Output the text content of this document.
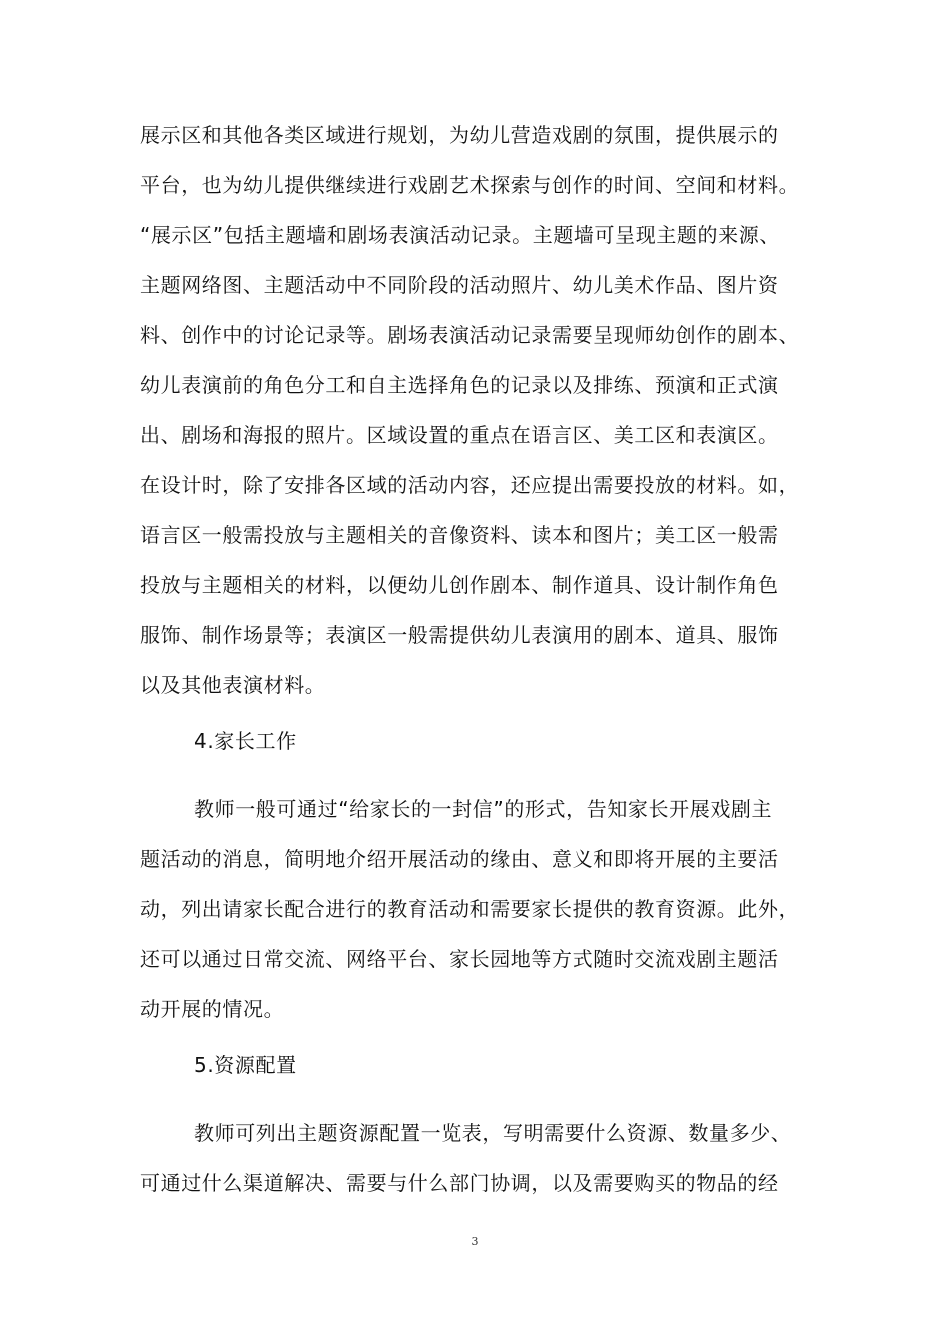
展示区和其他各类区域进行规划，为幼儿营造戏剧的氛围，提供展示的
平台，也为幼儿提供继续进行戏剧艺术探索与创作的时间、空间和材料。
“展示区”包括主题墙和剧场表演活动记录。主题墙可呈现主题的来源、
主题网络图、主题活动中不同阶段的活动照片、幼儿美术作品、图片资
料、创作中的讨论记录等。剧场表演活动记录需要呈现师幼创作的剧本、
幼儿表演前的角色分工和自主选择角色的记录以及排练、预演和正式演
出、剧场和海报的照片。区域设置的重点在语言区、美工区和表演区。
在设计时，除了安排各区域的活动内容，还应提出需要投放的材料。如，
语言区一般需投放与主题相关的音像资料、读本和图片；美工区一般需
投放与主题相关的材料，以便幼儿创作剧本、制作道具、设计制作角色
服饰、制作场景等；表演区一般需提供幼儿表演用的剧本、道具、服饰
以及其他表演材料。
4.家长工作
教师一般可通过“给家长的一封信”的形式，告知家长开展戏剧主
题活动的消息，简明地介绍开展活动的缘由、意义和即将开展的主要活
动，列出请家长配合进行的教育活动和需要家长提供的教育资源。此外，
还可以通过日常交流、网络平台、家长园地等方式随时交流戏剧主题活
动开展的情况。
5.资源配置
教师可列出主题资源配置一览表，写明需要什么资源、数量多少、
可通过什么渠道解决、需要与什么部门协调，以及需要购买的物品的经
3
